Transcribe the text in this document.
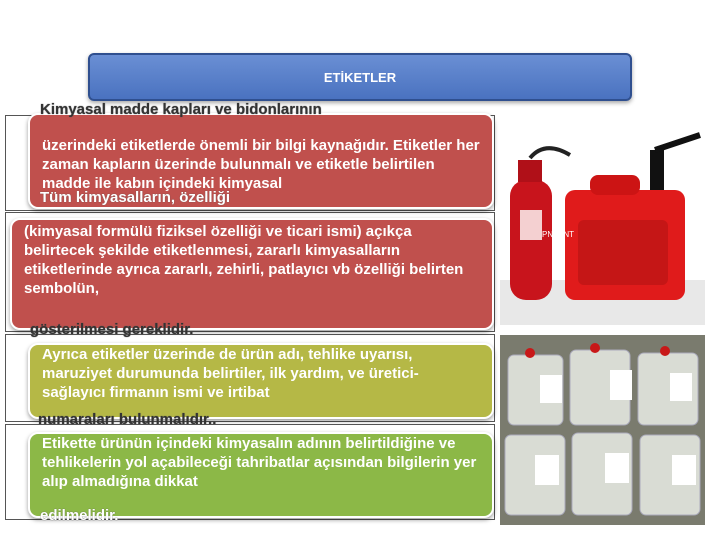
ETİKETLER
üzerindeki etiketlerde önemli bir bilgi kaynağıdır. Etiketler her zaman kapların üzerinde bulunmalı ve etiketle belirtilen madde ile kabın içindeki kimyasal
Kimyasal madde kapları ve bidonlarının
(kimyasal formülü fiziksel özelliği ve ticari ismi) açıkça belirtecek şekilde etiketlenmesi, zararlı kimyasalların etiketlerinde ayrıca zararlı, zehirli, patlayıcı vb özelliği belirten sembolün,
Tüm kimyasalların, özelliği
gösterilmesi gereklidir.
Ayrıca etiketler üzerinde de ürün adı, tehlike uyarısı, maruziyet durumunda belirtiler, ilk yardım, ve üretici-sağlayıcı firmanın ismi ve irtibat
numaraları bulunmalıdır..
Etikette ürünün içindeki kimyasalın adının belirtildiğine ve tehlikelerin yol açabileceği tahribatlar açısından bilgilerin yer alıp almadığına dikkat
edilmelidir.
PNTPNT
